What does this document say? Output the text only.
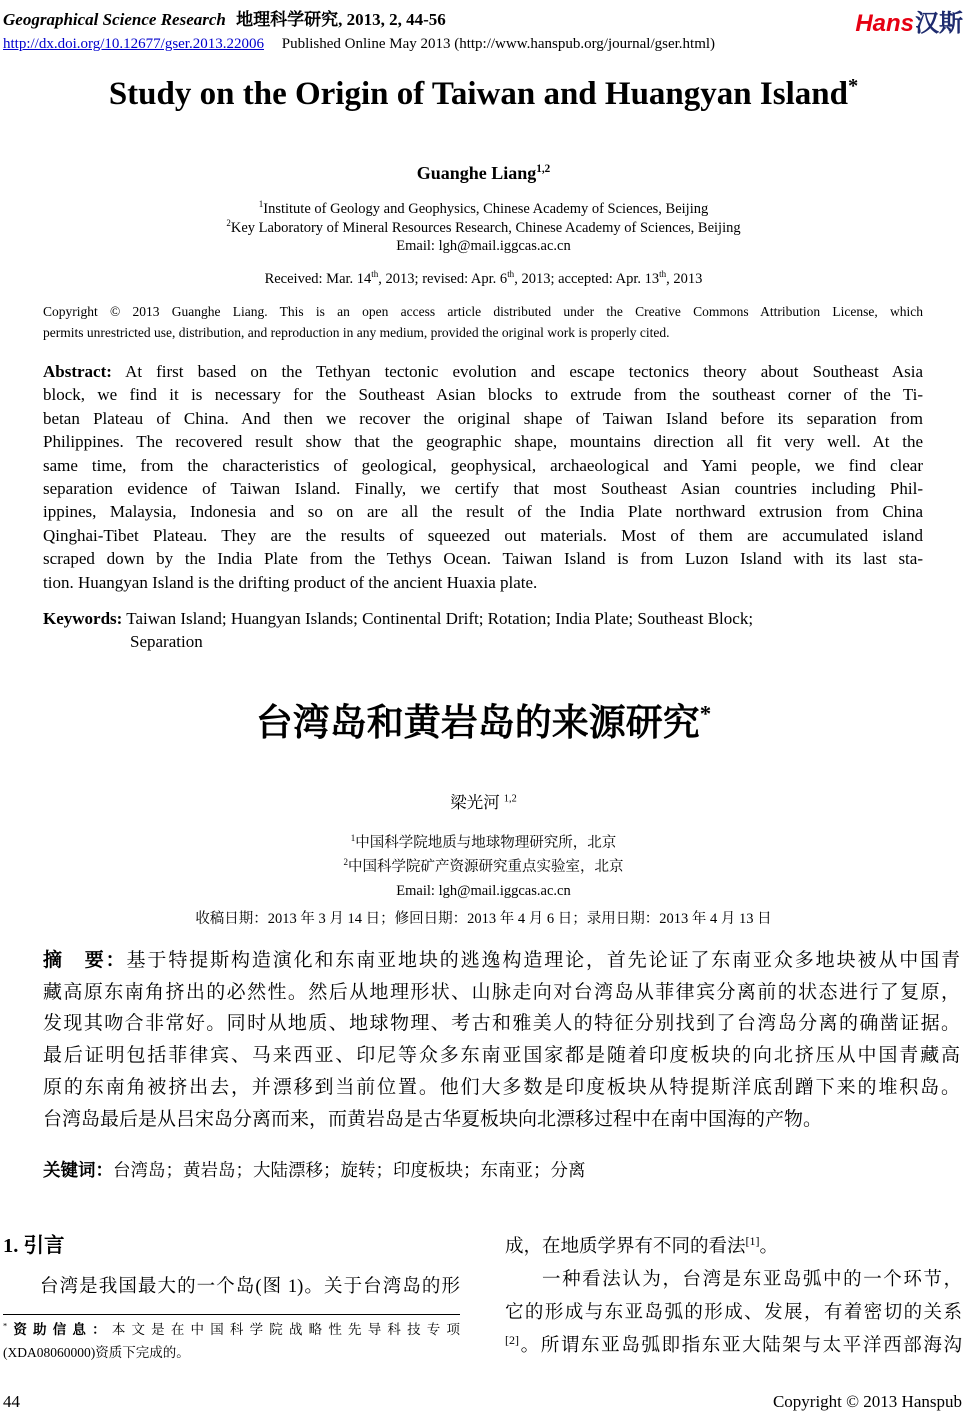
Geographical Science Research 地理科学研究, 2013, 2, 44-56	Hans汉斯
http://dx.doi.org/10.12677/gser.2013.22006 Published Online May 2013 (http://www.hanspub.org/journal/gser.html)
Study on the Origin of Taiwan and Huangyan Island*
Guanghe Liang$^{1,2}$
$^1$Institute of Geology and Geophysics, Chinese Academy of Sciences, Beijing
$^2$Key Laboratory of Mineral Resources Research, Chinese Academy of Sciences, Beijing
Email: lgh@mail.iggcas.ac.cn
Received: Mar. 14th, 2013; revised: Apr. 6th, 2013; accepted: Apr. 13th, 2013
Copyright © 2013 Guanghe Liang. This is an open access article distributed under the Creative Commons Attribution License, which
permits unrestricted use, distribution, and reproduction in any medium, provided the original work is properly cited.
Abstract: At first based on the Tethyan tectonic evolution and escape tectonics theory about Southeast Asia
block, we find it is necessary for the Southeast Asian blocks to extrude from the southeast corner of the Ti-
betan Plateau of China. And then we recover the original shape of Taiwan Island before its separation from
Philippines. The recovered result show that the geographic shape, mountains direction all fit very well. At the
same time, from the characteristics of geological, geophysical, archaeological and Yami people, we find clear
separation evidence of Taiwan Island. Finally, we certify that most Southeast Asian countries including Phil-
ippines, Malaysia, Indonesia and so on are all the result of the India Plate northward extrusion from China
Qinghai-Tibet Plateau. They are the results of squeezed out materials. Most of them are accumulated island
scraped down by the India Plate from the Tethys Ocean. Taiwan Island is from Luzon Island with its last sta-
tion. Huangyan Island is the drifting product of the ancient Huaxia plate.
Keywords: Taiwan Island; Huangyan Islands; Continental Drift; Rotation; India Plate; Southeast Block;
Separation
台湾岛和黄岩岛的来源研究*
梁光河 $^{1,2}$
$^1$中国科学院地质与地球物理研究所，北京
$^2$中国科学院矿产资源研究重点实验室，北京
Email: lgh@mail.iggcas.ac.cn
收稿日期：2013 年 3 月 14 日；修回日期：2013 年 4 月 6 日；录用日期：2013 年 4 月 13 日
摘　要：基于特提斯构造演化和东南亚地块的逃逸构造理论，首先论证了东南亚众多地块被从中国青
藏高原东南角挤出的必然性。然后从地理形状、山脉走向对台湾岛从菲律宾分离前的状态进行了复原，
发现其吻合非常好。同时从地质、地球物理、考古和雅美人的特征分别找到了台湾岛分离的确凿证据。
最后证明包括菲律宾、马来西亚、印尼等众多东南亚国家都是随着印度板块的向北挤压从中国青藏高
原的东南角被挤出去，并漂移到当前位置。他们大多数是印度板块从特提斯洋底刮蹭下来的堆积岛。
台湾岛最后是从吕宋岛分离而来，而黄岩岛是古华夏板块向北漂移过程中在南中国海的产物。
关键词：台湾岛；黄岩岛；大陆漂移；旋转；印度板块；东南亚；分离
1. 引言
台湾是我国最大的一个岛(图 1)。关于台湾岛的形
*资助信息：本文是在中国科学院战略性先导科技专项
(XDA08060000)资质下完成的。
成，在地质学界有不同的看法[1]。
一种看法认为，台湾是东亚岛弧中的一个环节，
它的形成与东亚岛弧的形成、发展，有着密切的关系
[2]。所谓东亚岛弧即指东亚大陆架与太平洋西部海沟
44	Copyright © 2013 Hanspub
